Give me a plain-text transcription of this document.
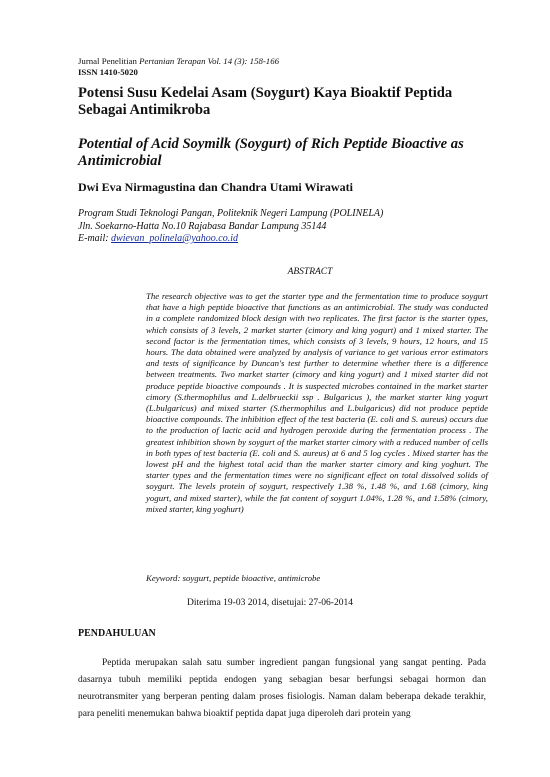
Jurnal Penelitian Pertanian Terapan Vol. 14 (3): 158-166
ISSN 1410-5020
Potensi Susu Kedelai Asam (Soygurt) Kaya Bioaktif Peptida Sebagai Antimikroba
Potential of Acid Soymilk (Soygurt) of Rich Peptide Bioactive as Antimicrobial
Dwi Eva Nirmagustina dan Chandra Utami Wirawati
Program Studi Teknologi Pangan, Politeknik Negeri Lampung (POLINELA)
Jln. Soekarno-Hatta No.10 Rajabasa Bandar Lampung 35144
E-mail: dwievan_polinela@yahoo.co.id
ABSTRACT
The research objective was to get the starter type and the fermentation time to produce soygurt that have a high peptide bioactive that functions as an antimicrobial. The study was conducted in a complete randomized block design with two replicates. The first factor is the starter types, which consists of 3 levels, 2 market starter (cimory and king yogurt) and 1 mixed starter. The second factor is the fermentation times, which consists of 3 levels, 9 hours, 12 hours, and 15 hours. The data obtained were analyzed by analysis of variance to get various error estimators and tests of significance by Duncan's test further to determine whether there is a difference between treatments. Two market starter (cimory and king yogurt) and 1 mixed starter did not produce peptide bioactive compounds . It is suspected microbes contained in the market starter cimory (S.thermophilus and L.delbrueckii ssp . Bulgaricus ), the market starter king yogurt (L.bulgaricus) and mixed starter (S.thermophilus and L.bulgaricus) did not produce peptide bioactive compounds. The inhibition effect of the test bacteria (E. coli and S. aureus) occurs due to the production of lactic acid and hydrogen peroxide during the fermentation process . The greatest inhibition shown by soygurt of the market starter cimory with a reduced number of cells in both types of test bacteria (E. coli and S. aureus) at 6 and 5 log cycles . Mixed starter has the lowest pH and the highest total acid than the marker starter cimory and king yoghurt. The starter types and the fermentation times were no significant effect on total dissolved solids of soygurt. The levels protein of soygurt, respectively 1.38 %, 1.48 %, and 1.68 (cimory, king yogurt, and mixed starter), while the fat content of soygurt 1.04%, 1.28 %, and 1.58% (cimory, mixed starter, king yoghurt)
Keyword: soygurt, peptide bioactive, antimicrobe
Diterima 19-03 2014, disetujai: 27-06-2014
PENDAHULUAN
Peptida merupakan salah satu sumber ingredient pangan fungsional yang sangat penting. Pada dasarnya tubuh memiliki peptida endogen yang sebagian besar berfungsi sebagai hormon dan neurotransmiter yang berperan penting dalam proses fisiologis. Naman dalam beberapa dekade terakhir, para peneliti menemukan bahwa bioaktif peptida dapat juga diperoleh dari protein yang
